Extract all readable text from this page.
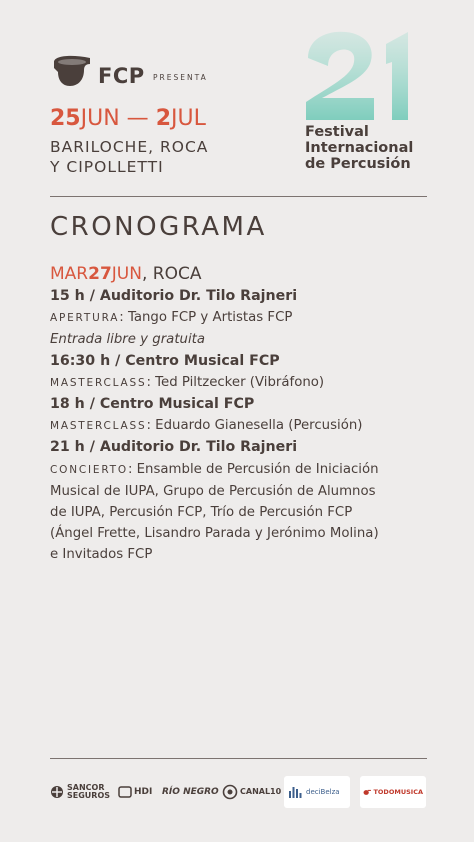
FCP PRESENTA
25JUN — 2JUL
BARILOCHE, ROCA
Y CIPOLLETTI
Festival
Internacional
de Percusión
CRONOGRAMA
MAR27JUN, ROCA
15 h / Auditorio Dr. Tilo Rajneri
APERTURA: Tango FCP y Artistas FCP
Entrada libre y gratuita
16:30 h / Centro Musical FCP
MASTERCLASS: Ted Piltzecker (Vibráfono)
18 h / Centro Musical FCP
MASTERCLASS: Eduardo Gianesella (Percusión)
21 h / Auditorio Dr. Tilo Rajneri
CONCIERTO: Ensamble de Percusión de Iniciación
Musical de IUPA, Grupo de Percusión de Alumnos
de IUPA, Percusión FCP, Trío de Percusión FCP
(Ángel Frette, Lisandro Parada y Jerónimo Molina)
e Invitados FCP
SANCOR
SEGUROS	HDI RÍO NEGRO	CANAL10	deciBelza	TODOMUSICA
